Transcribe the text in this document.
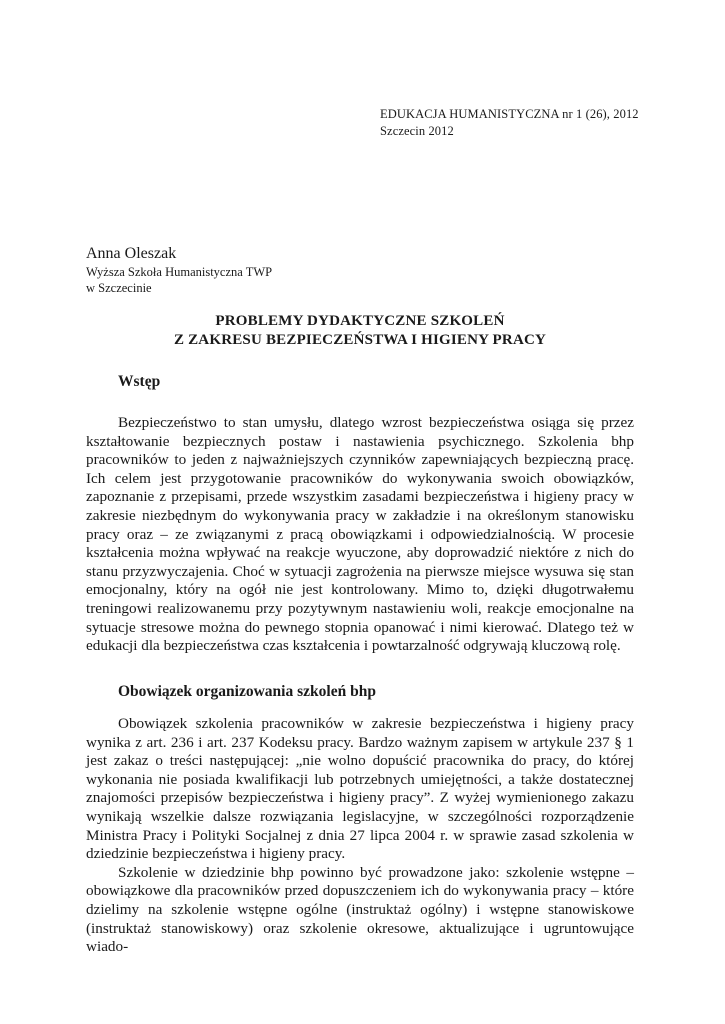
EDUKACJA HUMANISTYCZNA nr 1 (26), 2012
Szczecin 2012
Anna Oleszak
Wyższa Szkoła Humanistyczna TWP
w Szczecinie
PROBLEMY DYDAKTYCZNE SZKOLEŃ
Z ZAKRESU BEZPIECZEŃSTWA I HIGIENY PRACY
Wstęp

Bezpieczeństwo to stan umysłu, dlatego wzrost bezpieczeństwa osiąga się przez kształtowanie bezpiecznych postaw i nastawienia psychicznego. Szkolenia bhp pracowników to jeden z najważniejszych czynników zapewniających bezpieczną pracę. Ich celem jest przygotowanie pracowników do wykonywania swoich obowiązków, zapoznanie z przepisami, przede wszystkim zasadami bezpieczeństwa i higieny pracy w zakresie niezbędnym do wykonywania pracy w zakładzie i na określonym stanowisku pracy oraz – ze związanymi z pracą obowiązkami i odpowiedzialnością. W procesie kształcenia można wpływać na reakcje wyuczone, aby doprowadzić niektóre z nich do stanu przyzwyczajenia. Choć w sytuacji zagrożenia na pierwsze miejsce wysuwa się stan emocjonalny, który na ogół nie jest kontrolowany. Mimo to, dzięki długotrwałemu treningowi realizowanemu przy pozytywnym nastawieniu woli, reakcje emocjonalne na sytuacje stresowe można do pewnego stopnia opanować i nimi kierować. Dlatego też w edukacji dla bezpieczeństwa czas kształcenia i powtarzalność odgrywają kluczową rolę.

Obowiązek organizowania szkoleń bhp

Obowiązek szkolenia pracowników w zakresie bezpieczeństwa i higieny pracy wynika z art. 236 i art. 237 Kodeksu pracy. Bardzo ważnym zapisem w artykule 237 § 1 jest zakaz o treści następującej: „nie wolno dopuścić pracownika do pracy, do której wykonania nie posiada kwalifikacji lub potrzebnych umiejętności, a także dostatecznej znajomości przepisów bezpieczeństwa i higieny pracy”. Z wyżej wymienionego zakazu wynikają wszelkie dalsze rozwiązania legislacyjne, w szczególności rozporządzenie Ministra Pracy i Polityki Socjalnej z dnia 27 lipca 2004 r. w sprawie zasad szkolenia w dziedzinie bezpieczeństwa i higieny pracy.

Szkolenie w dziedzinie bhp powinno być prowadzone jako: szkolenie wstępne – obowiązkowe dla pracowników przed dopuszczeniem ich do wykonywania pracy – które dzielimy na szkolenie wstępne ogólne (instruktaż ogólny) i wstępne stanowiskowe (instruktaż stanowiskowy) oraz szkolenie okresowe, aktualizujące i ugruntowujące wiado-
